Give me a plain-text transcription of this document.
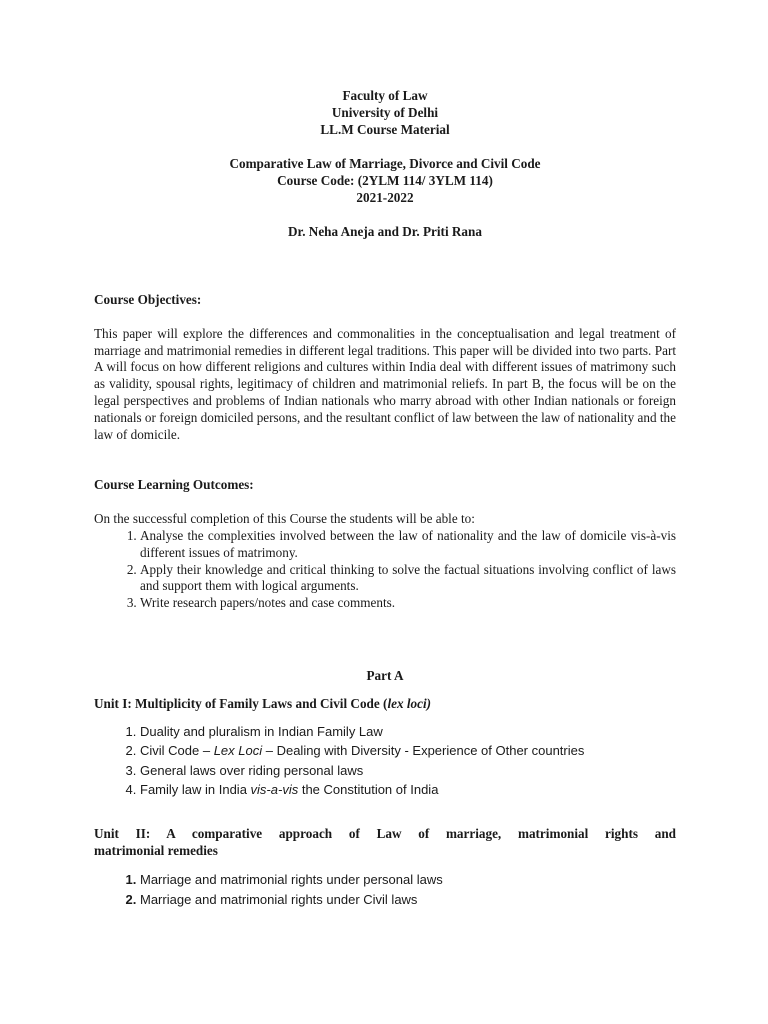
Faculty of Law
University of Delhi
LL.M Course Material
Comparative Law of Marriage, Divorce and Civil Code
Course Code: (2YLM 114/ 3YLM 114)
2021-2022
Dr. Neha Aneja and Dr. Priti Rana
Course Objectives:
This paper will explore the differences and commonalities in the conceptualisation and legal treatment of marriage and matrimonial remedies in different legal traditions. This paper will be divided into two parts. Part A will focus on how different religions and cultures within India deal with different issues of matrimony such as validity, spousal rights, legitimacy of children and matrimonial reliefs. In part B, the focus will be on the legal perspectives and problems of Indian nationals who marry abroad with other Indian nationals or foreign nationals or foreign domiciled persons, and the resultant conflict of law between the law of nationality and the law of domicile.
Course Learning Outcomes:
On the successful completion of this Course the students will be able to:
1. Analyse the complexities involved between the law of nationality and the law of domicile vis-à-vis different issues of matrimony.
2. Apply their knowledge and critical thinking to solve the factual situations involving conflict of laws and support them with logical arguments.
3. Write research papers/notes and case comments.
Part A
Unit I: Multiplicity of Family Laws and Civil Code (lex loci)
1. Duality and pluralism in Indian Family Law
2. Civil Code – Lex Loci – Dealing with Diversity - Experience of Other countries
3. General laws over riding personal laws
4. Family law in India vis-a-vis the Constitution of India
Unit II: A comparative approach of Law of marriage, matrimonial rights and
matrimonial remedies
1. Marriage and matrimonial rights under personal laws
2. Marriage and matrimonial rights under Civil laws
